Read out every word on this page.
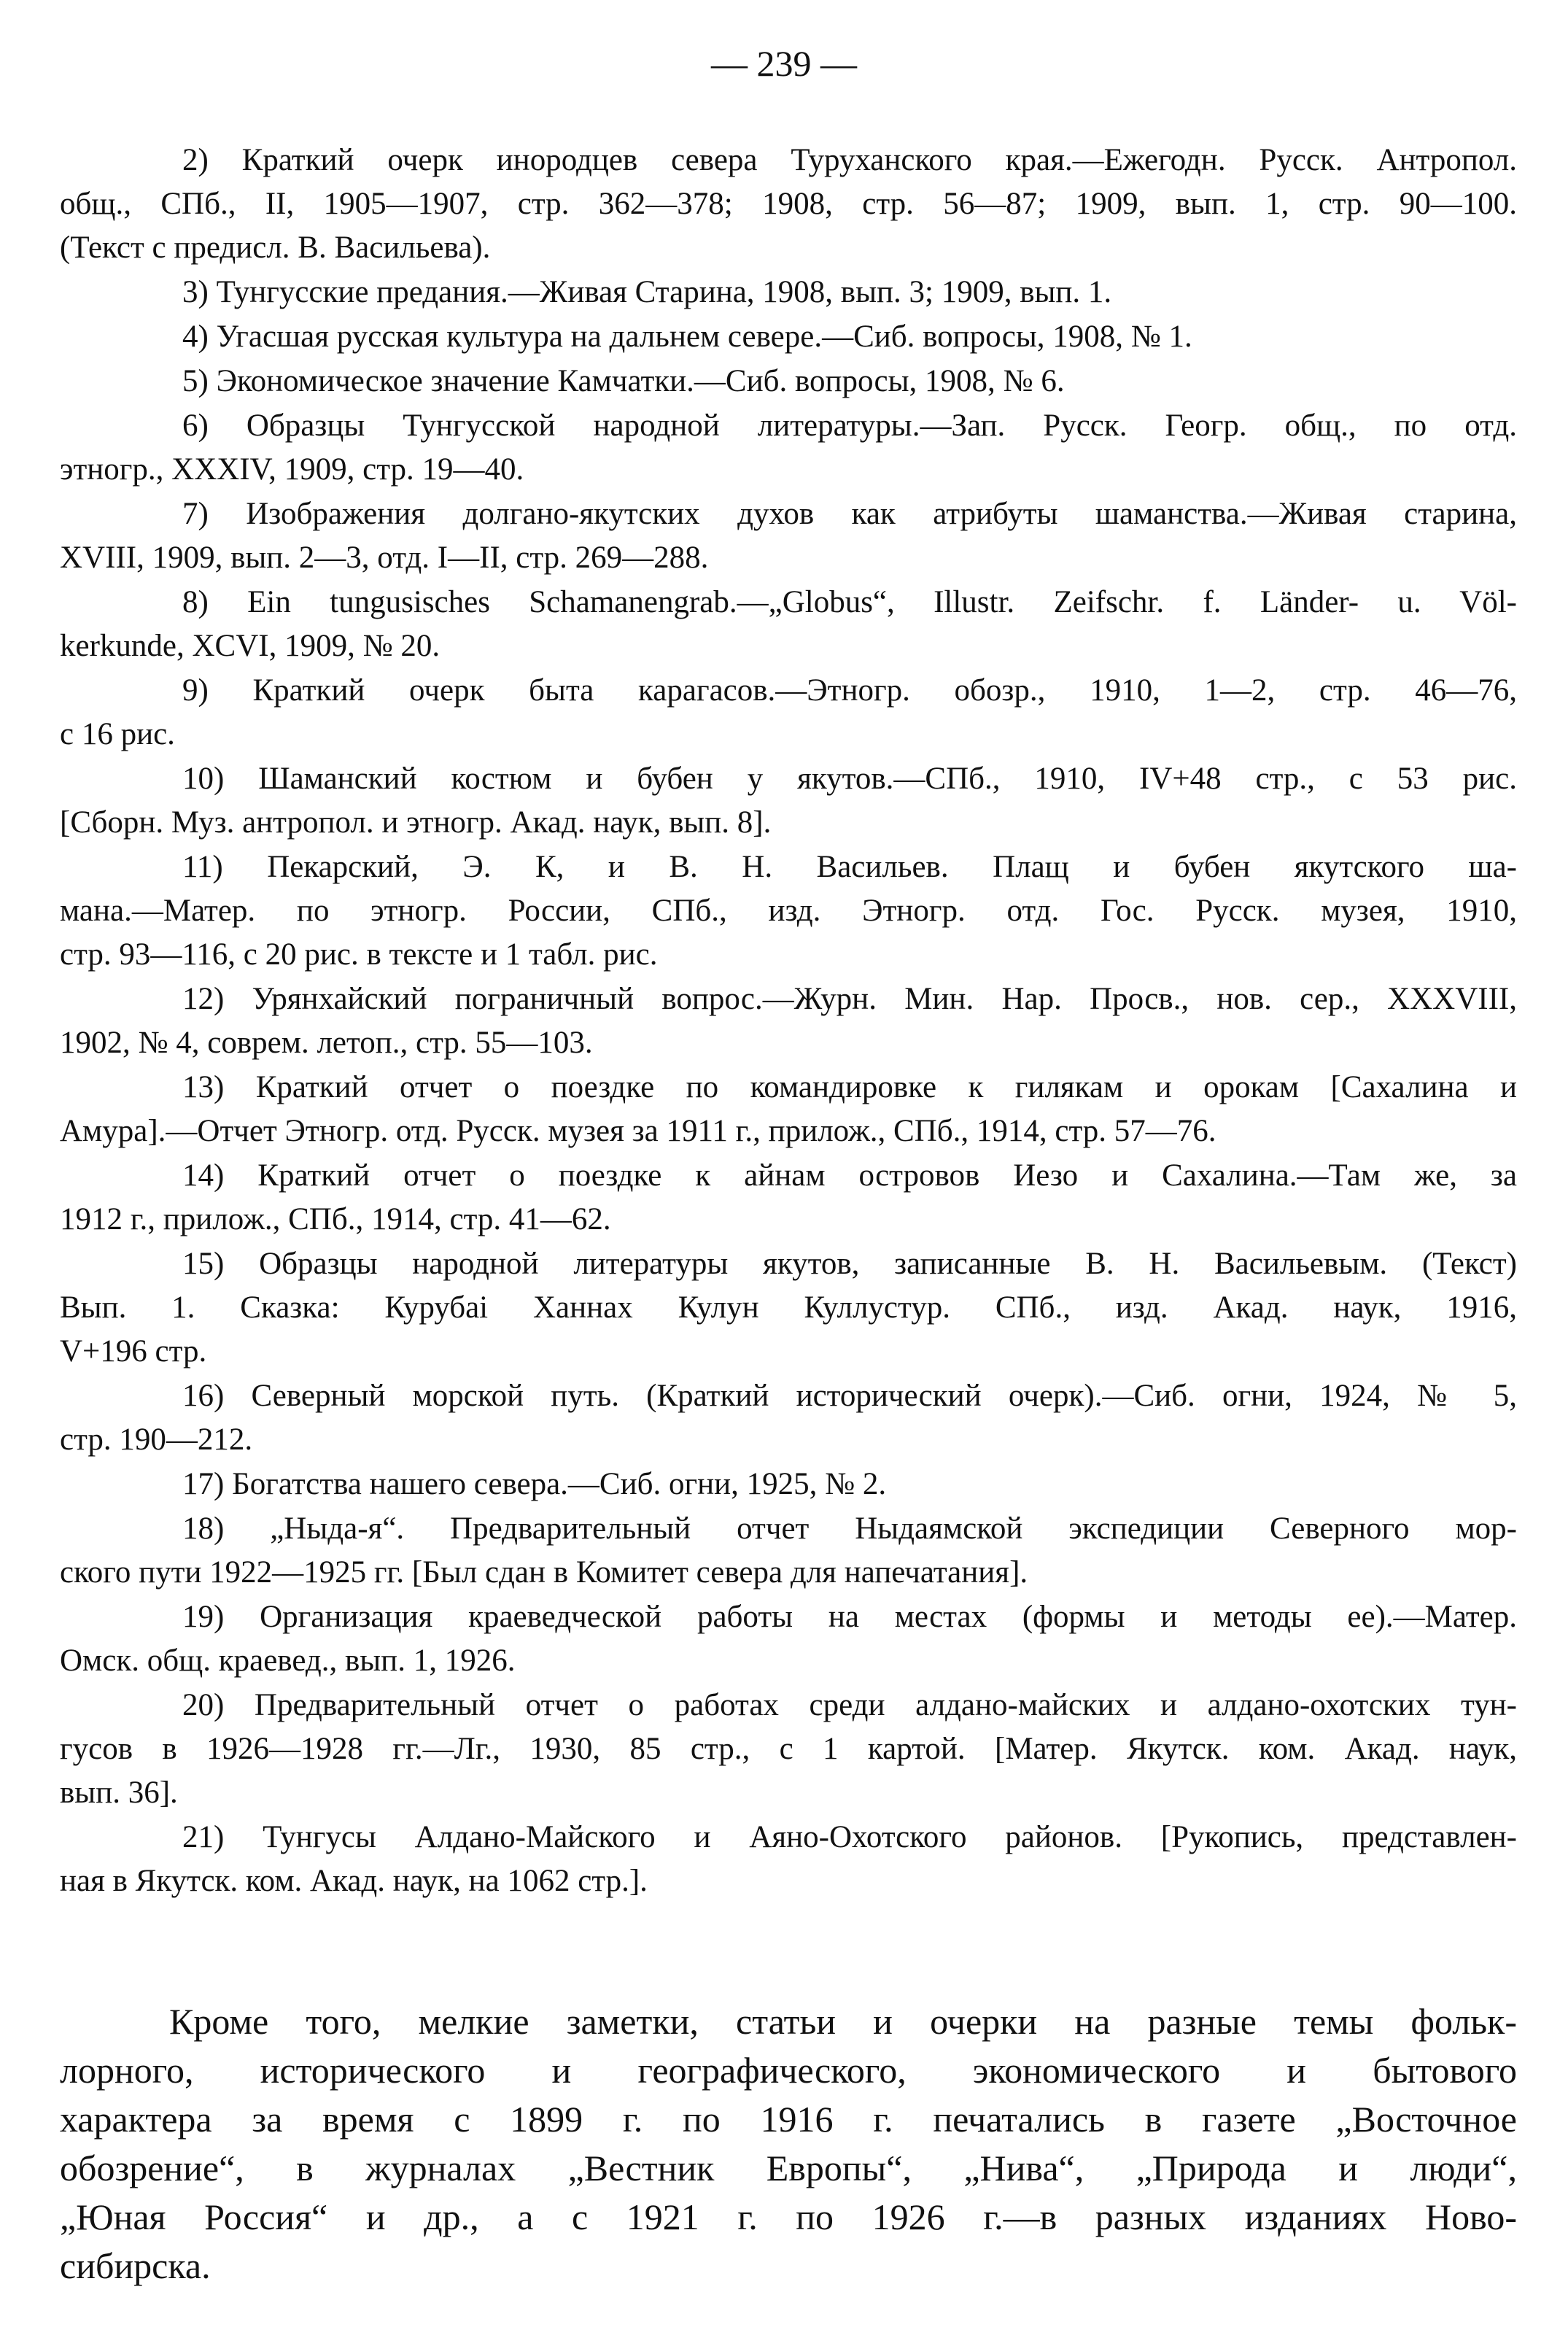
— 239 —
2) Краткий очерк инородцев севера Туруханского края.—Ежегодн. Русск. Антропол.
общ., СПб., II, 1905—1907, стр. 362—378; 1908, стр. 56—87; 1909, вып. 1, стр. 90—100.
(Текст с предисл. В. Васильева).
3) Тунгусские предания.—Живая Старина, 1908, вып. 3; 1909, вып. 1.
4) Угасшая русская культура на дальнем севере.—Сиб. вопросы, 1908, № 1.
5) Экономическое значение Камчатки.—Сиб. вопросы, 1908, № 6.
6) Образцы Тунгусской народной литературы.—Зап. Русск. Геогр. общ., по отд.
этногр., XXXIV, 1909, стр. 19—40.
7) Изображения долгано-якутских духов как атрибуты шаманства.—Живая старина,
XVIII, 1909, вып. 2—3, отд. I—II, стр. 269—288.
8) Ein tungusisches Schamanengrab.—„Globus“, Illustr. Zeifschr. f. Länder- u. Völ-
kerkunde, XCVI, 1909, № 20.
9) Краткий очерк быта карагасов.—Этногр. обозр., 1910, 1—2, стр. 46—76,
с 16 рис.
10) Шаманский костюм и бубен у якутов.—СПб., 1910, IV+48 стр., с 53 рис.
[Сборн. Муз. антропол. и этногр. Акад. наук, вып. 8].
11) Пекарский, Э. К, и В. Н. Васильев. Плащ и бубен якутского ша-
мана.—Матер. по этногр. России, СПб., изд. Этногр. отд. Гос. Русск. музея, 1910,
стр. 93—116, с 20 рис. в тексте и 1 табл. рис.
12) Урянхайский пограничный вопрос.—Журн. Мин. Нар. Просв., нов. сер., XXXVIII,
1902, № 4, соврем. летоп., стр. 55—103.
13) Краткий отчет о поездке по командировке к гилякам и орокам [Сахалина и
Амура].—Отчет Этногр. отд. Русск. музея за 1911 г., прилож., СПб., 1914, стр. 57—76.
14) Краткий отчет о поездке к айнам островов Иезо и Сахалина.—Там же, за
1912 г., прилож., СПб., 1914, стр. 41—62.
15) Образцы народной литературы якутов, записанные В. Н. Васильевым. (Текст)
Вып. 1. Сказка: Курубаі Ханнах Кулун Куллустур. СПб., изд. Акад. наук, 1916,
V+196 стр.
16) Северный морской путь. (Краткий исторический очерк).—Сиб. огни, 1924, № 5,
стр. 190—212.
17) Богатства нашего севера.—Сиб. огни, 1925, № 2.
18) „Ныда-я“. Предварительный отчет Ныдаямской экспедиции Северного мор-
ского пути 1922—1925 гг. [Был сдан в Комитет севера для напечатания].
19) Организация краеведческой работы на местах (формы и методы ее).—Матер.
Омск. общ. краевед., вып. 1, 1926.
20) Предварительный отчет о работах среди алдано-майских и алдано-охотских тун-
гусов в 1926—1928 гг.—Лг., 1930, 85 стр., с 1 картой. [Матер. Якутск. ком. Акад. наук,
вып. 36].
21) Тунгусы Алдано-Майского и Аяно-Охотского районов. [Рукопись, представлен-
ная в Якутск. ком. Акад. наук, на 1062 стр.].
Кроме того, мелкие заметки, статьи и очерки на разные темы фольк-
лорного, исторического и географического, экономического и бытового
характера за время с 1899 г. по 1916 г. печатались в газете „Восточное
обозрение“, в журналах „Вестник Европы“, „Нива“, „Природа и люди“,
„Юная Россия“ и др., а с 1921 г. по 1926 г.—в разных изданиях Ново-
сибирска.
